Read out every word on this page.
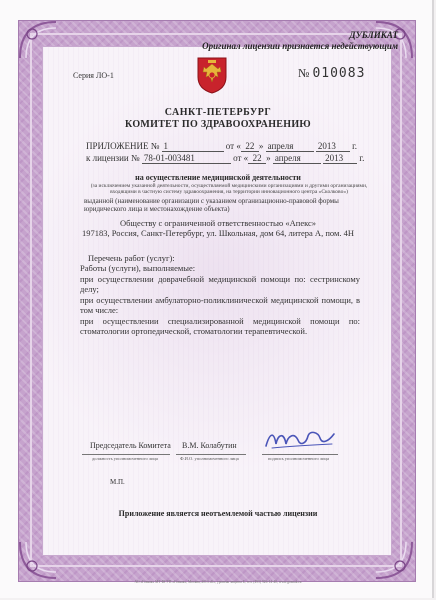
ДУБЛИКАТ
Оригинал лицензии признается недействующим
Серия ЛО-1	№ 010083
САНКТ-ПЕТЕРБУРГ
КОМИТЕТ ПО ЗДРАВООХРАНЕНИЮ
ПРИЛОЖЕНИЕ № 1	от « 22 » апреля	2013 г.
к лицензии № 78-01-003481	от « 22 » апреля	2013 г.
на осуществление медицинской деятельности
(за исключением указанной деятельности, осуществляемой медицинскими организациями и другими организациями, входящими в частную систему здравоохранения, на территории инновационного центра «Сколково»)
выданной (наименование организации с указанием организационно-правовой формы юридического лица и местонахождение объекта)
Обществу с ограниченной ответственностью «Апекс»
197183, Россия, Санкт-Петербург, ул. Школьная, дом 64, литера А, пом. 4Н
Перечень работ (услуг):
Работы (услуги), выполняемые:
при осуществлении доврачебной медицинской помощи по: сестринскому делу;
при осуществлении амбулаторно-поликлинической медицинской помощи, в том числе:
при осуществлении специализированной медицинской помощи по: стоматологии ортопедической, стоматологии терапевтической.
Председатель Комитета
должность уполномоченного лица
В.М. Колабутин
Ф.И.О. уполномоченного лица	подпись уполномоченного лица
М.П.
Приложение является неотъемлемой частью лицензии
АО «Гознак» МТ ФГУП «Гознак», Москва, 2013 «Б», уровень защиты Б, тел. (495) 926-14-40, www.goznak.ru
